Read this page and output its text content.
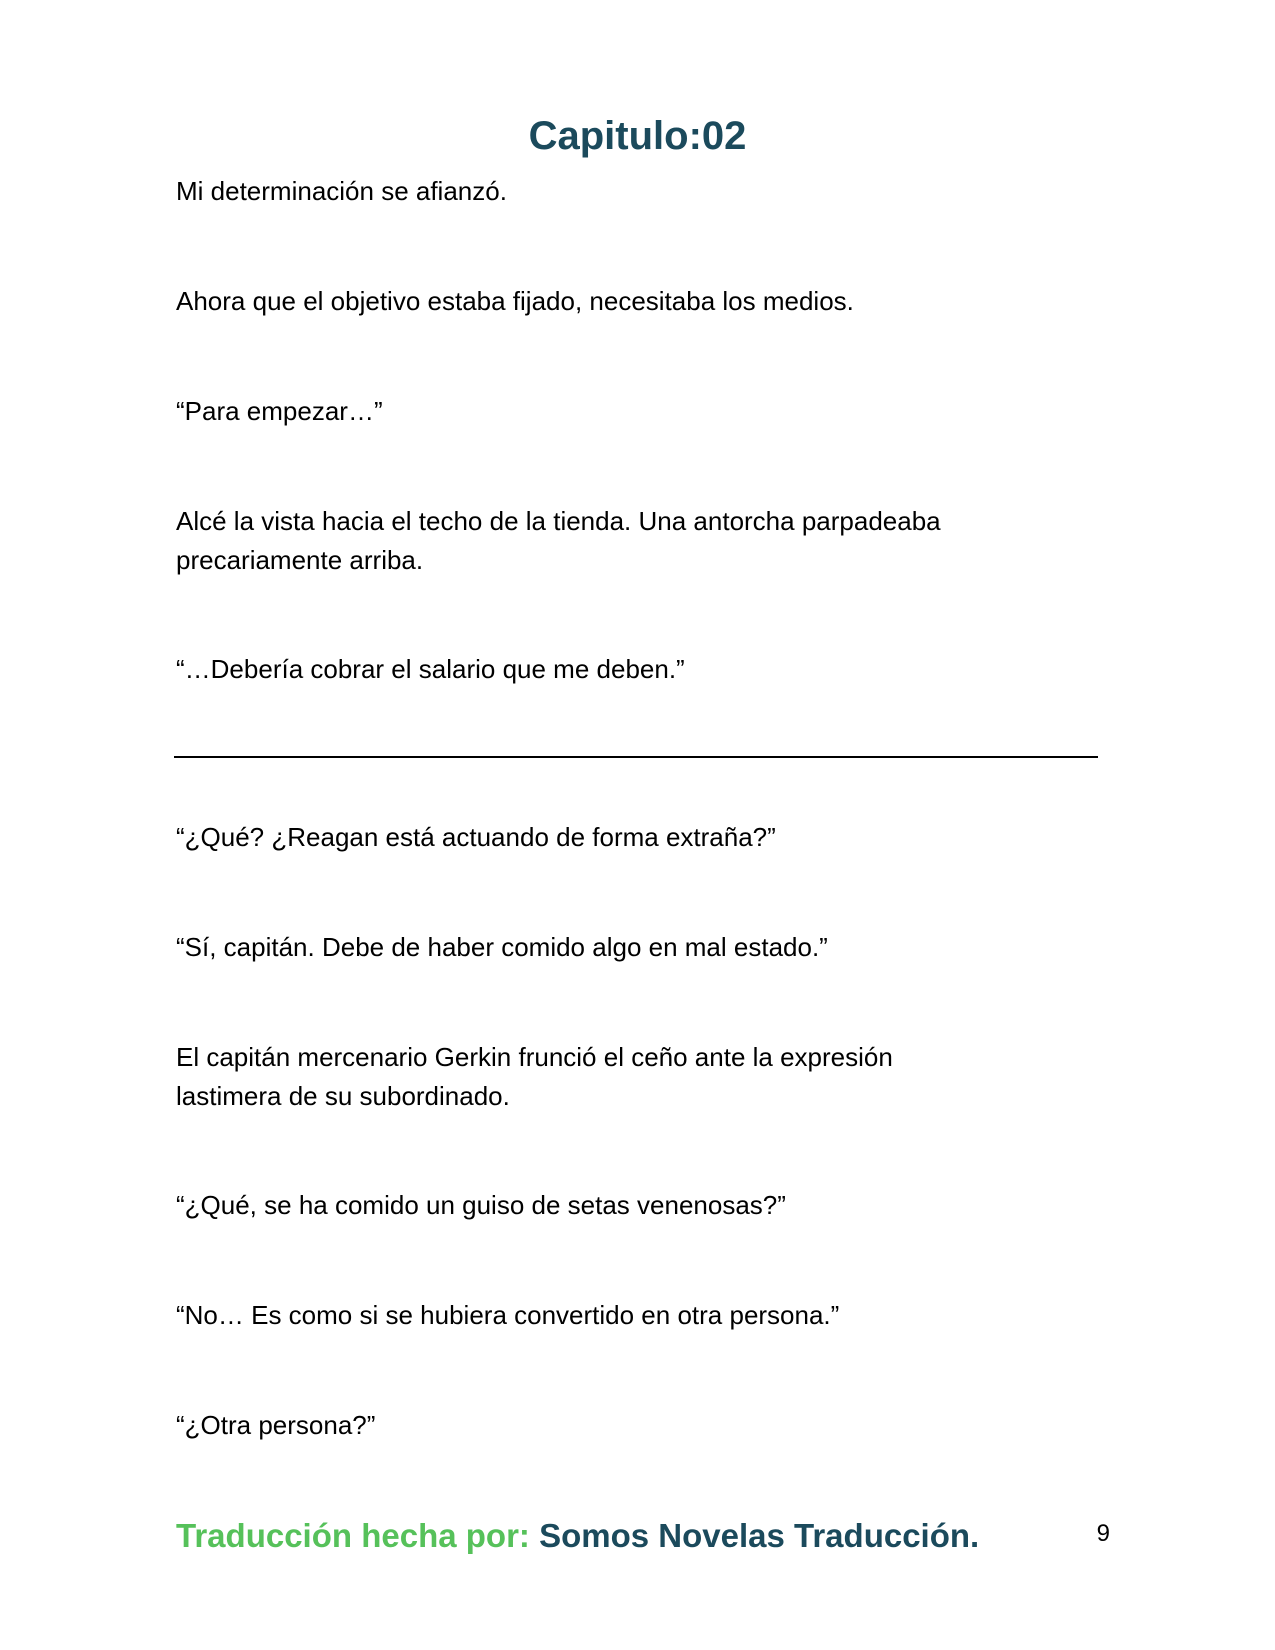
Capitulo:02

Mi determinación se afianzó.

Ahora que el objetivo estaba fijado, necesitaba los medios.

“Para empezar…”

Alcé la vista hacia el techo de la tienda. Una antorcha parpadeaba precariamente arriba.

“…Debería cobrar el salario que me deben.”

“¿Qué? ¿Reagan está actuando de forma extraña?”

“Sí, capitán. Debe de haber comido algo en mal estado.”

El capitán mercenario Gerkin frunció el ceño ante la expresión lastimera de su subordinado.

“¿Qué, se ha comido un guiso de setas venenosas?”

“No… Es como si se hubiera convertido en otra persona.”

“¿Otra persona?”

Traducción hecha por: Somos Novelas Traducción.	9
